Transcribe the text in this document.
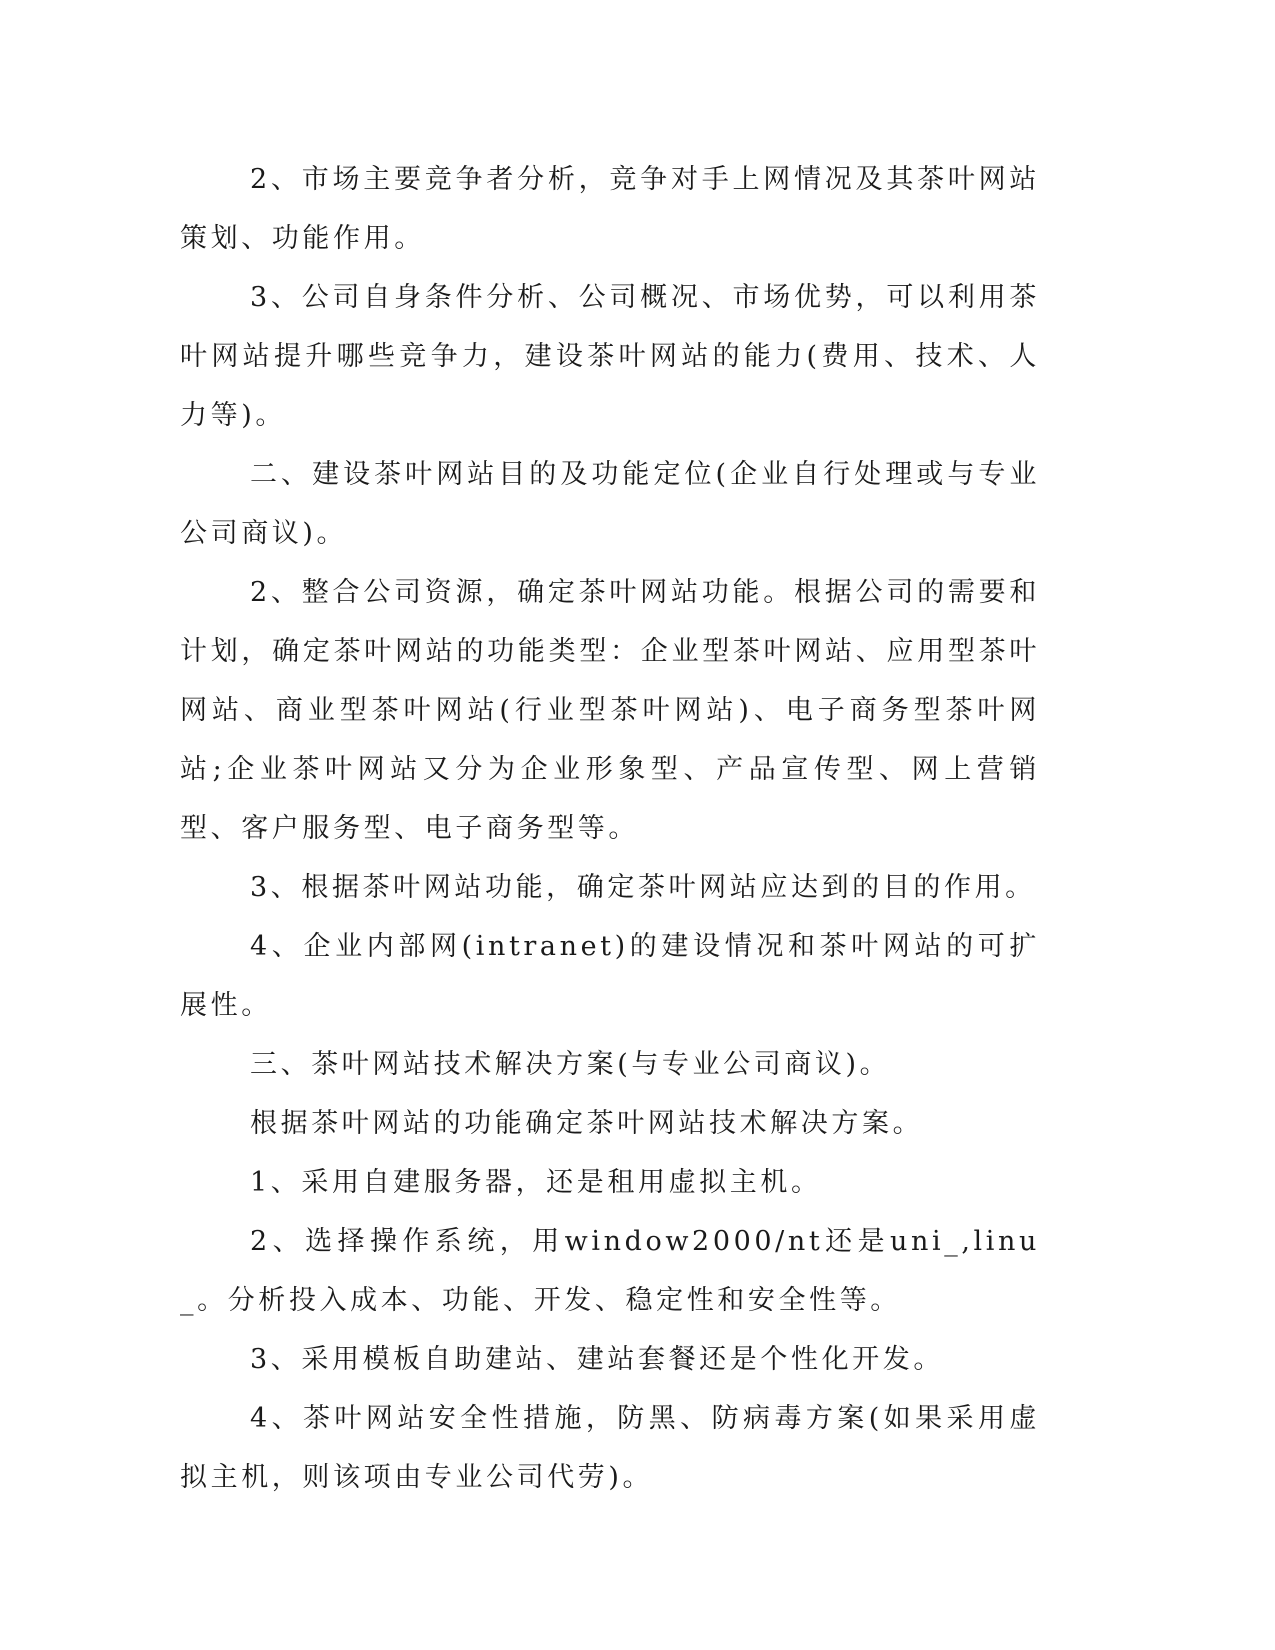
2、市场主要竞争者分析，竞争对手上网情况及其茶叶网站策划、功能作用。

3、公司自身条件分析、公司概况、市场优势，可以利用茶叶网站提升哪些竞争力，建设茶叶网站的能力(费用、技术、人力等)。

二、建设茶叶网站目的及功能定位(企业自行处理或与专业公司商议)。

2、整合公司资源，确定茶叶网站功能。根据公司的需要和计划，确定茶叶网站的功能类型：企业型茶叶网站、应用型茶叶网站、商业型茶叶网站(行业型茶叶网站)、电子商务型茶叶网站;企业茶叶网站又分为企业形象型、产品宣传型、网上营销型、客户服务型、电子商务型等。

3、根据茶叶网站功能，确定茶叶网站应达到的目的作用。

4、企业内部网(intranet)的建设情况和茶叶网站的可扩展性。

三、茶叶网站技术解决方案(与专业公司商议)。

根据茶叶网站的功能确定茶叶网站技术解决方案。

1、采用自建服务器，还是租用虚拟主机。

2、选择操作系统，用window2000/nt还是uni_,linu_。分析投入成本、功能、开发、稳定性和安全性等。

3、采用模板自助建站、建站套餐还是个性化开发。

4、茶叶网站安全性措施，防黑、防病毒方案(如果采用虚拟主机，则该项由专业公司代劳)。
